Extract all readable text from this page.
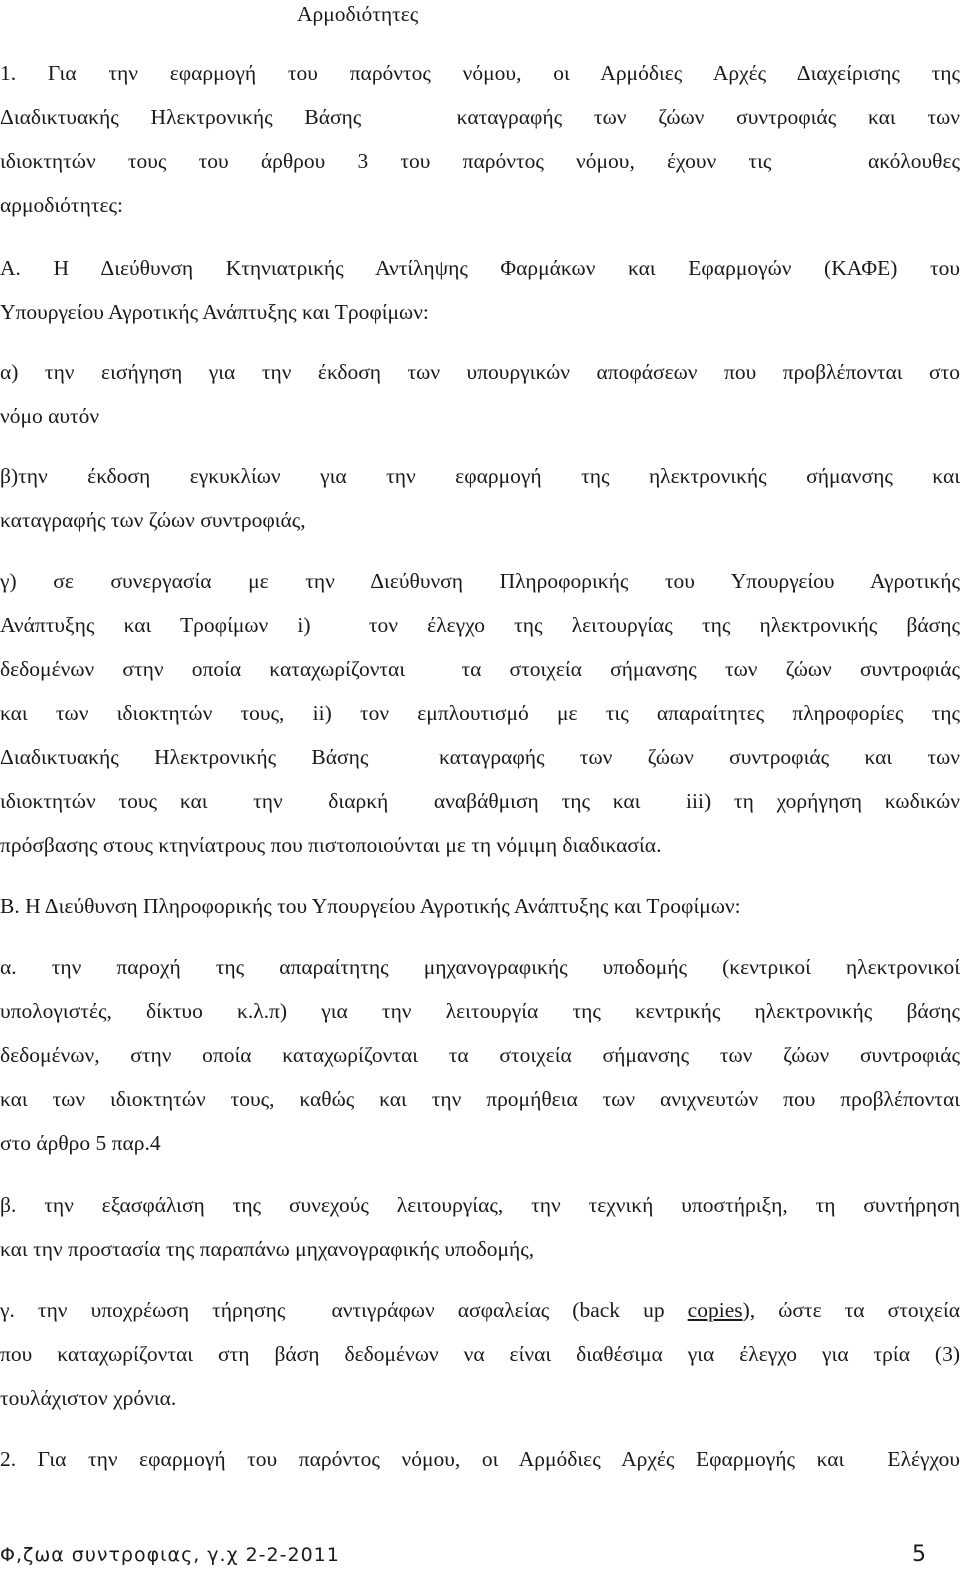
Αρμοδιότητες
1. Για την εφαρμογή του παρόντος νόμου, οι Αρμόδιες Αρχές Διαχείρισης της
Διαδικτυακής Ηλεκτρονικής Βάσης   καταγραφής των ζώων συντροφιάς και των
ιδιοκτητών τους του άρθρου 3 του παρόντος νόμου, έχουν τις   ακόλουθες
αρμοδιότητες:
Α. Η Διεύθυνση Κτηνιατρικής Αντίληψης Φαρμάκων και Εφαρμογών (ΚΑΦΕ) του
Υπουργείου Αγροτικής Ανάπτυξης και Τροφίμων:
α) την εισήγηση για την έκδοση των υπουργικών αποφάσεων που προβλέπονται στο
νόμο αυτόν
β)την έκδοση εγκυκλίων για την εφαρμογή της ηλεκτρονικής σήμανσης και
καταγραφής των ζώων συντροφιάς,
γ) σε συνεργασία με την Διεύθυνση Πληροφορικής του Υπουργείου Αγροτικής
Ανάπτυξης και Τροφίμων i)  τον έλεγχο της λειτουργίας της ηλεκτρονικής βάσης
δεδομένων στην οποία καταχωρίζονται  τα στοιχεία σήμανσης των ζώων συντροφιάς
και των ιδιοκτητών τους, ii) τον εμπλουτισμό με τις απαραίτητες πληροφορίες της
Διαδικτυακής Ηλεκτρονικής Βάσης  καταγραφής των ζώων συντροφιάς και των
ιδιοκτητών τους και  την  διαρκή  αναβάθμιση της και  iii) τη χορήγηση κωδικών
πρόσβασης στους κτηνίατρους που πιστοποιούνται με τη νόμιμη διαδικασία.
Β. Η Διεύθυνση Πληροφορικής του Υπουργείου Αγροτικής Ανάπτυξης και Τροφίμων:
α. την παροχή της απαραίτητης μηχανογραφικής υποδομής (κεντρικοί ηλεκτρονικοί
υπολογιστές, δίκτυο κ.λ.π) για την λειτουργία της κεντρικής ηλεκτρονικής βάσης
δεδομένων, στην οποία καταχωρίζονται τα στοιχεία σήμανσης των ζώων συντροφιάς
και των ιδιοκτητών τους, καθώς και την προμήθεια των ανιχνευτών που προβλέπονται
στο άρθρο 5 παρ.4
β. την εξασφάλιση της συνεχούς λειτουργίας, την τεχνική υποστήριξη, τη συντήρηση
και την προστασία της παραπάνω μηχανογραφικής υποδομής,
γ. την υποχρέωση τήρησης  αντιγράφων ασφαλείας (back up copies), ώστε τα στοιχεία
που καταχωρίζονται στη βάση δεδομένων να είναι διαθέσιμα για έλεγχο για τρία (3)
τουλάχιστον χρόνια.
2. Για την εφαρμογή του παρόντος νόμου, οι Αρμόδιες Αρχές Εφαρμογής και  Ελέγχου
Φ,ζωα συντροφιας, γ.χ 2-2-2011	5
